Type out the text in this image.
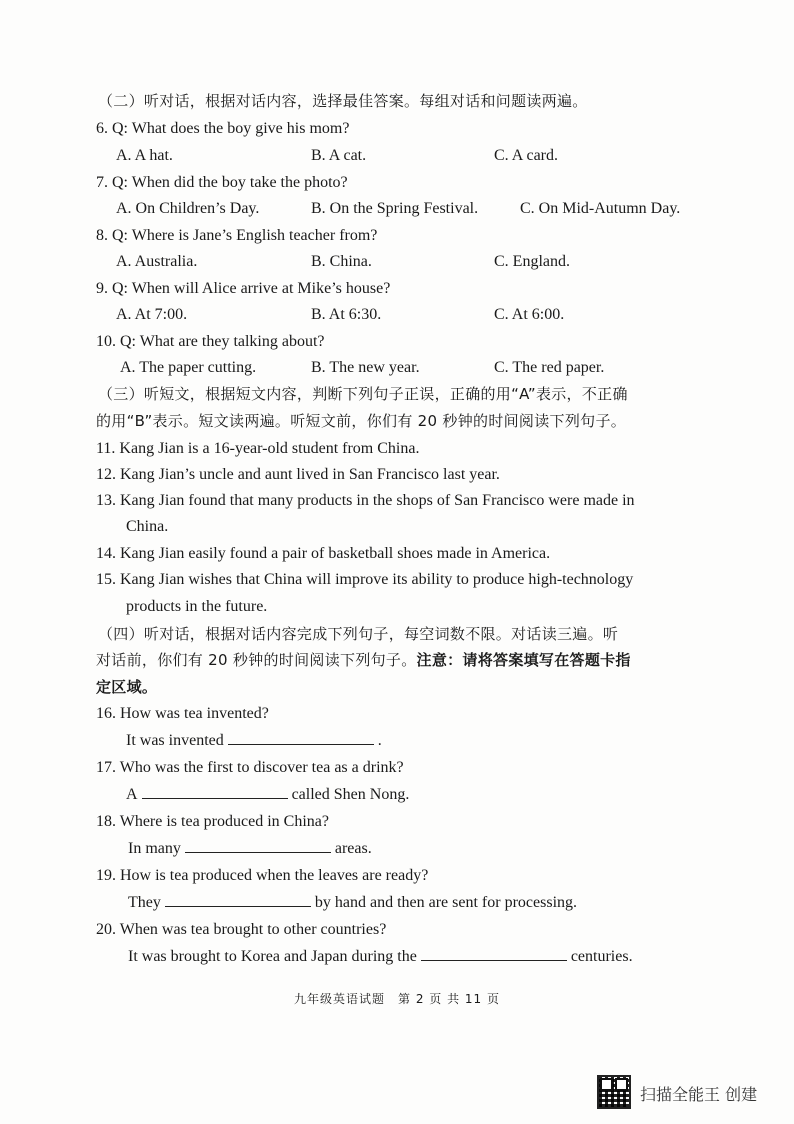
（二）听对话，根据对话内容，选择最佳答案。每组对话和问题读两遍。
6. Q: What does the boy give his mom?
A. A hat.	B. A cat.	C. A card.
7. Q: When did the boy take the photo?
A. On Children’s Day.	B. On the Spring Festival.	C. On Mid-Autumn Day.
8. Q: Where is Jane’s English teacher from?
A. Australia.	B. China.	C. England.
9. Q: When will Alice arrive at Mike’s house?
A. At 7:00.	B. At 6:30.	C. At 6:00.
10. Q: What are they talking about?
A. The paper cutting.	B. The new year.	C. The red paper.
（三）听短文，根据短文内容，判断下列句子正误，正确的用“A”表示，不正确
的用“B”表示。短文读两遍。听短文前，你们有 20 秒钟的时间阅读下列句子。
11. Kang Jian is a 16-year-old student from China.
12. Kang Jian’s uncle and aunt lived in San Francisco last year.
13. Kang Jian found that many products in the shops of San Francisco were made in
China.
14. Kang Jian easily found a pair of basketball shoes made in America.
15. Kang Jian wishes that China will improve its ability to produce high-technology
products in the future.
（四）听对话，根据对话内容完成下列句子，每空词数不限。对话读三遍。听
对话前，你们有 20 秒钟的时间阅读下列句子。注意：请将答案填写在答题卡指
定区域。
16. How was tea invented?
It was invented	.
17. Who was the first to discover tea as a drink?
A	called Shen Nong.
18. Where is tea produced in China?
In many	areas.
19. How is tea produced when the leaves are ready?
They	by hand and then are sent for processing.
20. When was tea brought to other countries?
It was brought to Korea and Japan during the	centuries.
九年级英语试题　第 2 页 共 11 页
扫描全能王 创建
